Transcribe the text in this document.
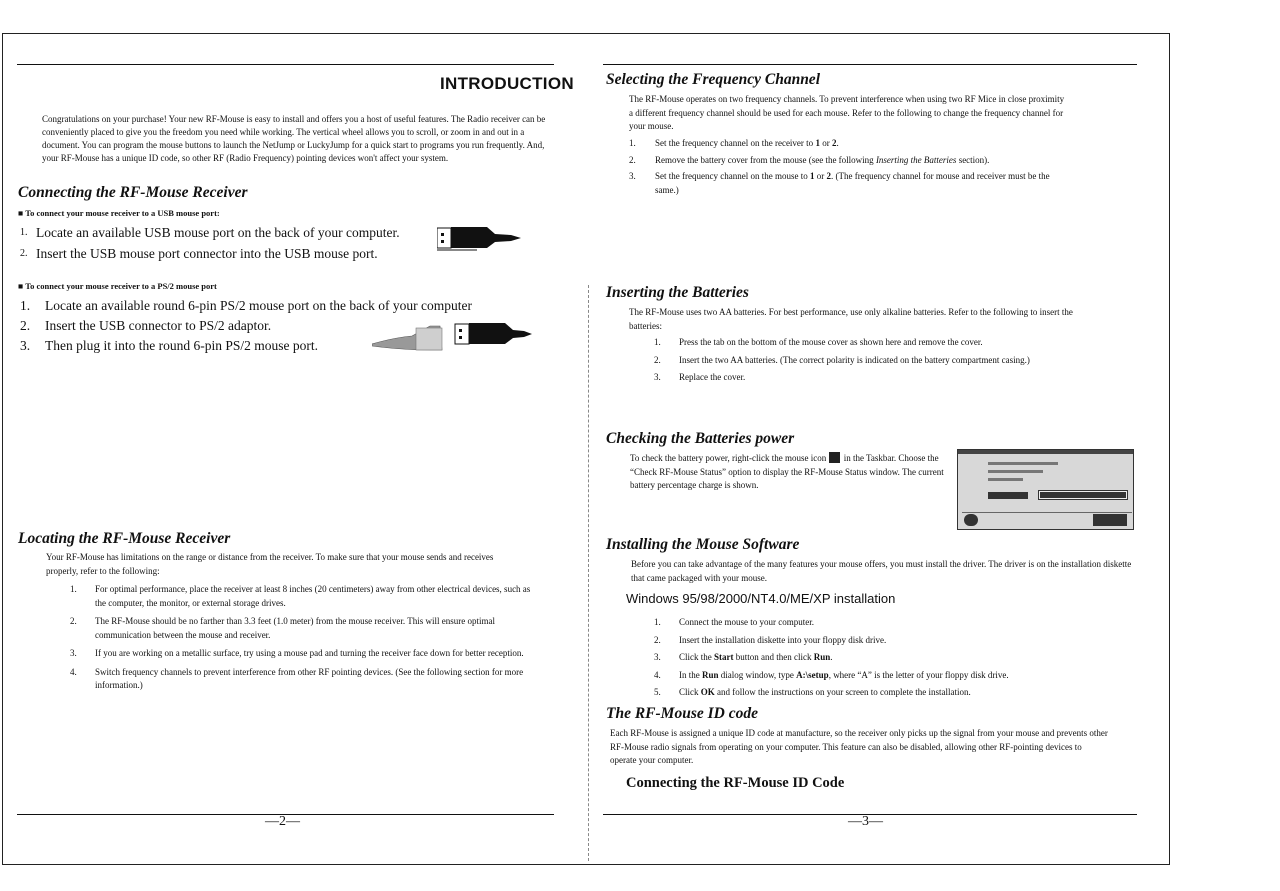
INTRODUCTION

Congratulations on your purchase! Your new RF-Mouse is easy to install and offers you a host of useful features. The Radio receiver can be conveniently placed to give you the freedom you need while working. The vertical wheel allows you to scroll, or zoom in and out in a document. You can program the mouse buttons to launch the NetJump or LuckyJump for a quick start to programs you run frequently. And, your RF-Mouse has a unique ID code, so other RF (Radio Frequency) pointing devices won't affect your system.

Connecting the RF-Mouse Receiver
■ To connect your mouse receiver to a USB mouse port:
1. Locate an available USB mouse port on the back of your computer.
2. Insert the USB mouse port connector into the USB mouse port.
■ To connect your mouse receiver to a PS/2 mouse port
1. Locate an available round 6-pin PS/2 mouse port on the back of your computer
2. Insert the USB connector to PS/2 adaptor.
3. Then plug it into the round 6-pin PS/2 mouse port.
Locating the RF-Mouse Receiver

Your RF-Mouse has limitations on the range or distance from the receiver. To make sure that your mouse sends and receives properly, refer to the following:

1. For optimal performance, place the receiver at least 8 inches (20 centimeters) away from other electrical devices, such as the computer, the monitor, or external storage drives.
2. The RF-Mouse should be no farther than 3.3 feet (1.0 meter) from the mouse receiver. This will ensure optimal communication between the mouse and receiver.
3. If you are working on a metallic surface, try using a mouse pad and turning the receiver face down for better reception.
4. Switch frequency channels to prevent interference from other RF pointing devices. (See the following section for more information.)
—2—
Selecting the Frequency Channel

The RF-Mouse operates on two frequency channels. To prevent interference when using two RF Mice in close proximity a different frequency channel should be used for each mouse. Refer to the following to change the frequency channel for your mouse.

1. Set the frequency channel on the receiver to 1 or 2.
2. Remove the battery cover from the mouse (see the following Inserting the Batteries section).
3. Set the frequency channel on the mouse to 1 or 2. (The frequency channel for mouse and receiver must be the same.)
Inserting the Batteries

The RF-Mouse uses two AA batteries. For best performance, use only alkaline batteries. Refer to the following to insert the batteries:

1. Press the tab on the bottom of the mouse cover as shown here and remove the cover.
2. Insert the two AA batteries. (The correct polarity is indicated on the battery compartment casing.)
3. Replace the cover.
Checking the Batteries power

To check the battery power, right-click the mouse icon in the Taskbar. Choose the “Check RF-Mouse Status” option to display the RF-Mouse Status window. The current battery percentage charge is shown.

Installing the Mouse Software

Before you can take advantage of the many features your mouse offers, you must install the driver. The driver is on the installation diskette that came packaged with your mouse.

Windows 95/98/2000/NT4.0/ME/XP installation
1. Connect the mouse to your computer.
2. Insert the installation diskette into your floppy disk drive.
3. Click the Start button and then click Run.
4. In the Run dialog window, type A:\setup, where “A” is the letter of your floppy disk drive.
5. Click OK and follow the instructions on your screen to complete the installation.
The RF-Mouse ID code

Each RF-Mouse is assigned a unique ID code at manufacture, so the receiver only picks up the signal from your mouse and prevents other RF-Mouse radio signals from operating on your computer. This feature can also be disabled, allowing other RF-pointing devices to operate your computer.

Connecting the RF-Mouse ID Code
—3—
